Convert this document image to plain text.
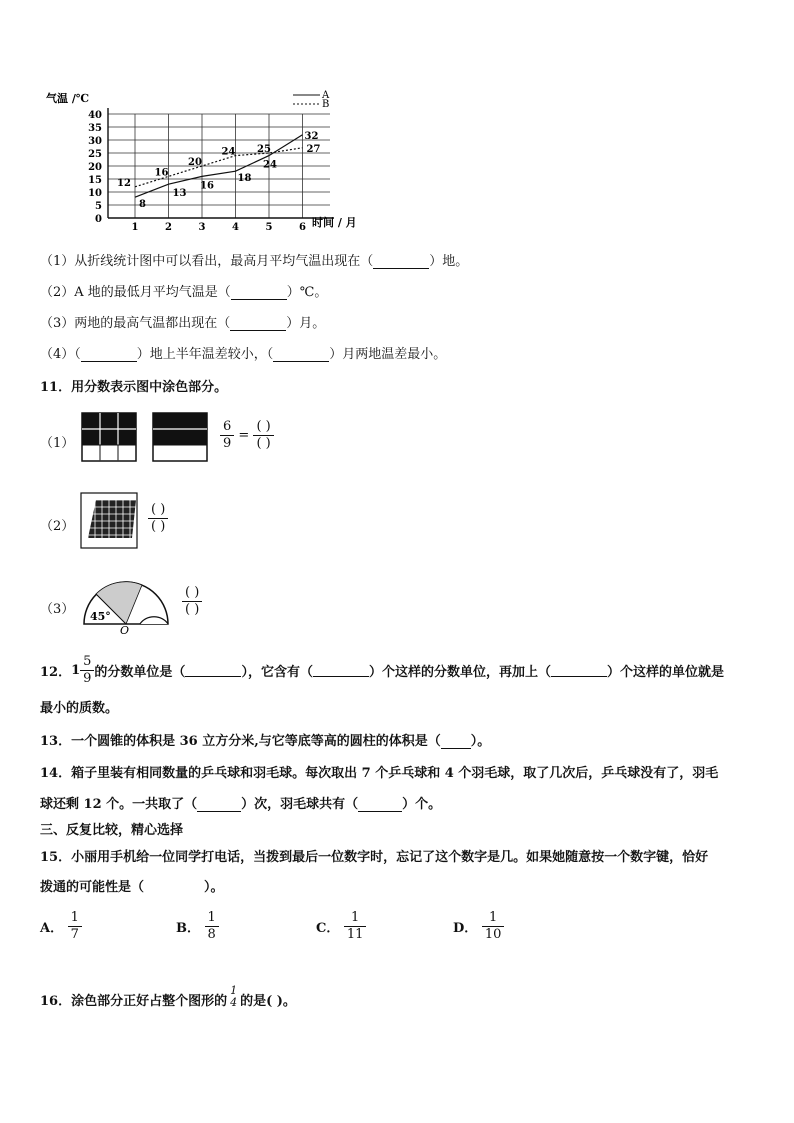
0
5
10
15
20
25
30
35
40
1	2	3	4	5	6
8
13
16
18
24
32
12
16
20
24 25	27
气温 /℃
时间 / 月
A
B
（1）从折线统计图中可以看出，最高月平均气温出现在（	）地。
（2）A 地的最低月平均气温是（	）℃。
（3）两地的最高气温都出现在（	）月。
（4）（	）地上半年温差较小，（	）月两地温差最小。
11．用分数表示图中涂色部分。
（1）	$\frac{6}{9} = \frac{( )}{( )}$
（2）	$\frac{( )}{( )}$
（3） 45°
O
$\frac{( )}{( )}$
12．$1 \frac{5}{9}$ 的分数单位是（	），它含有（	）个这样的分数单位，再加上（	）个这样的单位就是
最小的质数。
13．一个圆锥的体积是 36 立方分米,与它等底等高的圆柱的体积是（ ）。
14．箱子里装有相同数量的乒乓球和羽毛球。每次取出 7 个乒乓球和 4 个羽毛球，取了几次后，乒乓球没有了，羽毛
球还剩 12 个。一共取了（	）次，羽毛球共有（	）个。
三、反复比较，精心选择
15．小丽用手机给一位同学打电话，当拨到最后一位数字时，忘记了这个数字是几。如果她随意按一个数字键，恰好
拨通的可能性是（	）。
A． $\frac{1}{7}$	B． $\frac{1}{8}$	C． $\frac{1}{11}$	D． $\frac{1}{10}$
16．涂色部分正好占整个图形的
1
4 的是( )。
